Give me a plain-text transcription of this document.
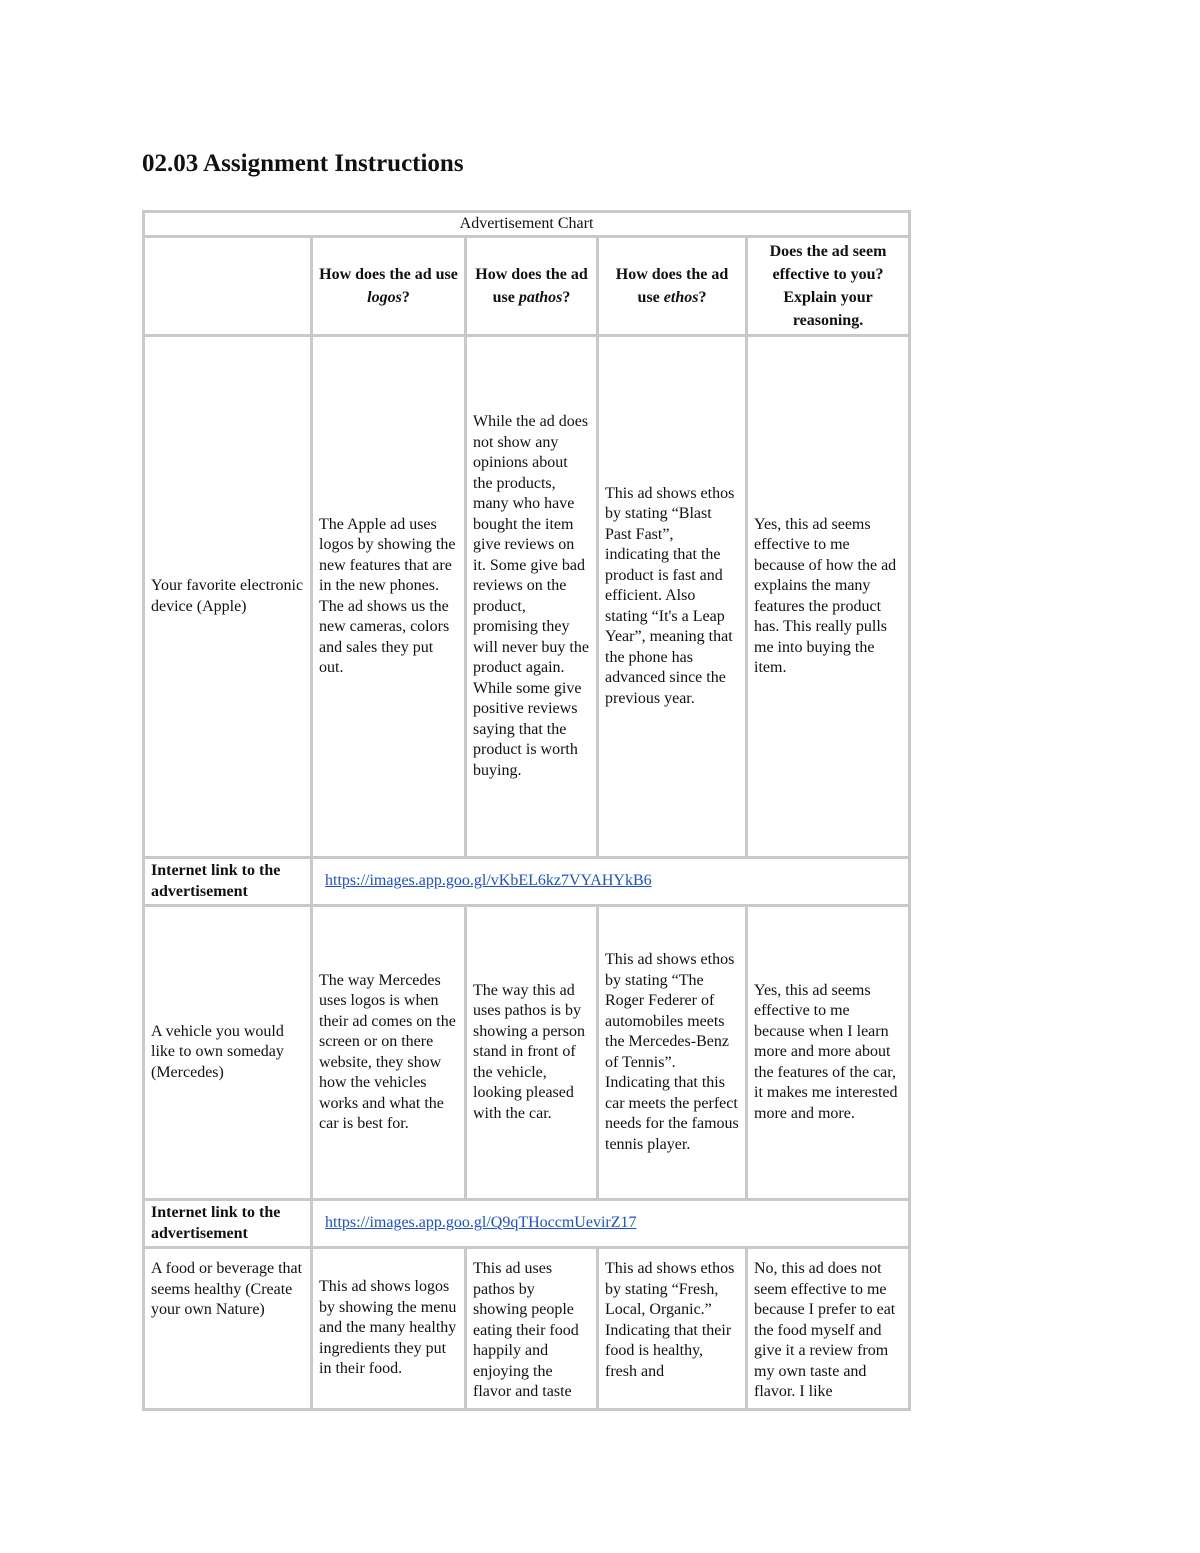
02.03 Assignment Instructions
Advertisement Chart				
	How does the ad use logos?	How does the ad use pathos?	How does the ad use ethos?	Does the ad seem effective to you? Explain your reasoning.
Your favorite electronic device (Apple)	The Apple ad uses logos by showing the new features that are in the new phones. The ad shows us the new cameras, colors and sales they put out.	While the ad does not show any opinions about the products, many who have bought the item give reviews on it. Some give bad reviews on the product, promising they will never buy the product again. While some give positive reviews saying that the product is worth buying.	This ad shows ethos by stating “Blast Past Fast”, indicating that the product is fast and efficient. Also stating “It's a Leap Year”, meaning that the phone has advanced since the previous year.	Yes, this ad seems effective to me because of how the ad explains the many features the product has. This really pulls me into buying the item.
Internet link to the advertisement	https://images.app.goo.gl/vKbEL6kz7VYAHYkB6			
A vehicle you would like to own someday (Mercedes)	The way Mercedes uses logos is when their ad comes on the screen or on there website, they show how the vehicles works and what the car is best for.	The way this ad uses pathos is by showing a person stand in front of the vehicle, looking pleased with the car.	This ad shows ethos by stating “The Roger Federer of automobiles meets the Mercedes-Benz of Tennis”. Indicating that this car meets the perfect needs for the famous tennis player.	Yes, this ad seems effective to me because when I learn more and more about the features of the car, it makes me interested more and more.
Internet link to the advertisement	https://images.app.goo.gl/Q9qTHoccmUevirZ17			
A food or beverage that seems healthy (Create your own Nature)	This ad shows logos by showing the menu and the many healthy ingredients they put in their food.	This ad uses pathos by showing people eating their food happily and enjoying the flavor and taste	This ad shows ethos by stating “Fresh, Local, Organic.” Indicating that their food is healthy, fresh and	No, this ad does not seem effective to me because I prefer to eat the food myself and give it a review from my own taste and flavor. I like
